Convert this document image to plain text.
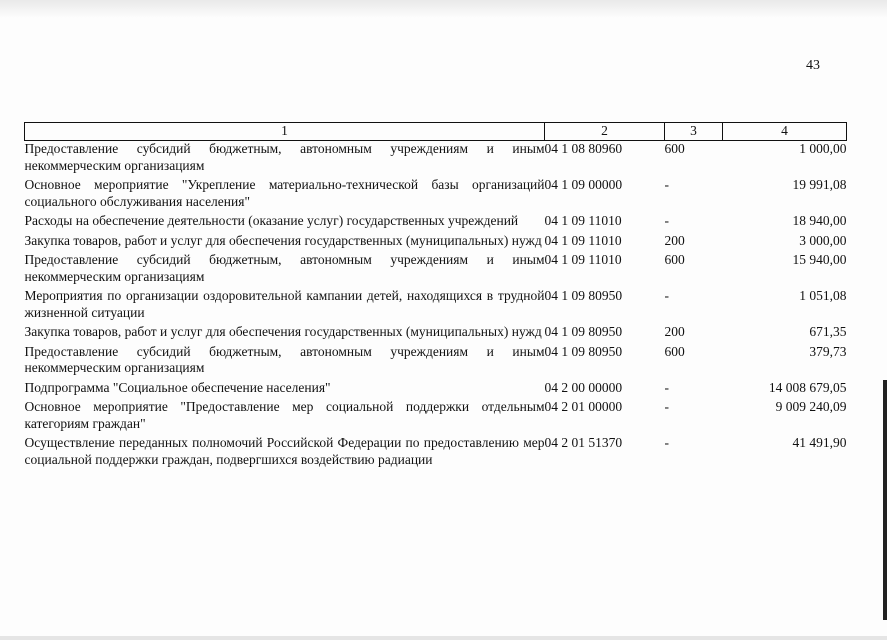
43
1	2	3	4
Предоставление субсидий бюджетным, автономным учреждениям и иным некоммерческим организациям	04 1 08 80960	600	1 000,00
Основное мероприятие "Укрепление материально-технической базы организаций социального обслуживания населения"	04 1 09 00000	-	19 991,08
Расходы на обеспечение деятельности (оказание услуг) государственных учреждений	04 1 09 11010	-	18 940,00
Закупка товаров, работ и услуг для обеспечения государственных (муниципальных) нужд	04 1 09 11010	200	3 000,00
Предоставление субсидий бюджетным, автономным учреждениям и иным некоммерческим организациям	04 1 09 11010	600	15 940,00
Мероприятия по организации оздоровительной кампании детей, находящихся в трудной жизненной ситуации	04 1 09 80950	-	1 051,08
Закупка товаров, работ и услуг для обеспечения государственных (муниципальных) нужд	04 1 09 80950	200	671,35
Предоставление субсидий бюджетным, автономным учреждениям и иным некоммерческим организациям	04 1 09 80950	600	379,73
Подпрограмма "Социальное обеспечение населения"	04 2 00 00000	-	14 008 679,05
Основное мероприятие "Предоставление мер социальной поддержки отдельным категориям граждан"	04 2 01 00000	-	9 009 240,09
Осуществление переданных полномочий Российской Федерации по предоставлению мер социальной поддержки граждан, подвергшихся воздействию радиации	04 2 01 51370	-	41 491,90
